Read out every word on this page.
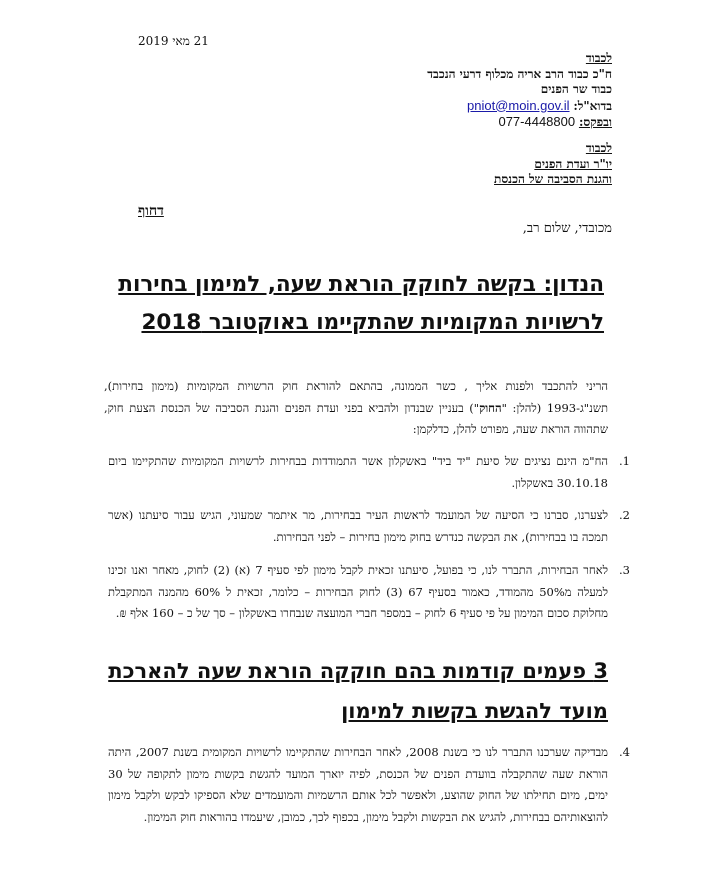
21 מאי 2019
לכבוד
ח"כ כבוד הרב אריה מכלוף דרעי הנכבד
כבוד שר הפנים
בדוא"ל: pniot@moin.gov.il
ובפקס: 077-4448800
לכבוד
יו"ר ועדת הפנים
והגנת הסביבה של הכנסת
דחוף
מכובדי, שלום רב,
הנדון: בקשה לחוקק הוראת שעה, למימון בחירות
לרשויות המקומיות שהתקיימו באוקטובר 2018
הריני להתכבד ולפנות אליך , כשר הממונה, בהתאם להוראת חוק הרשויות המקומיות (מימון בחירות), תשנ"ג-1993 (להלן: "החוק") בעניין שבנדון ולהביא בפני ועדת הפנים והגנת הסביבה של הכנסת הצעת חוק, שתהווה הוראת שעה, מפורט להלן, כדלקמן:
1.
הח"מ הינם נציגים של סיעת "יד ביד" באשקלון אשר התמודדות בבחירות לרשויות המקומיות שהתקיימו ביום 30.10.18 באשקלון.
2.
לצערנו, סברנו כי הסיעה של המועמד לראשות העיר בבחירות, מר איתמר שמעוני, הגיש עבור סיעתנו (אשר תמכה בו בבחירות), את הבקשה כנדרש בחוק מימון בחירות – לפני הבחירות.
3.
לאחר הבחירות, התברר לנו, כי בפועל, סיעתנו זכאית לקבל מימון לפי סעיף 7 (א) (2) לחוק, מאחר ואנו זכינו למעלה מ50% מהמודד, כאמור בסעיף 67 (3) לחוק הבחירות – כלומר, זכאית ל 60% מהמנה המתקבלת מחלוקת סכום המימון על פי סעיף 6 לחוק – במספר חברי המועצה שנבחרו באשקלון – סך של כ – 160 אלף ₪.
3 פעמים קודמות בהם חוקקה הוראת שעה להארכת
מועד להגשת בקשות למימון
4.
מבדיקה שערכנו התברר לנו כי בשנת 2008, לאחר הבחירות שהתקיימו לרשויות המקומית בשנת 2007, היתה הוראת שעה שהתקבלה בוועדת הפנים של הכנסת, לפיה יוארך המועד להגשת בקשות מימון לתקופה של 30 ימים, מיום תחילתו של החוק שהוצע, ולאפשר לכל אותם הרשמיות והמועמדים שלא הספיקו לבקש ולקבל מימון להוצאותיהם בבחירות, להגיש את הבקשות ולקבל מימון, בכפוף לכך, כמובן, שיעמדו בהוראות חוק המימון.
